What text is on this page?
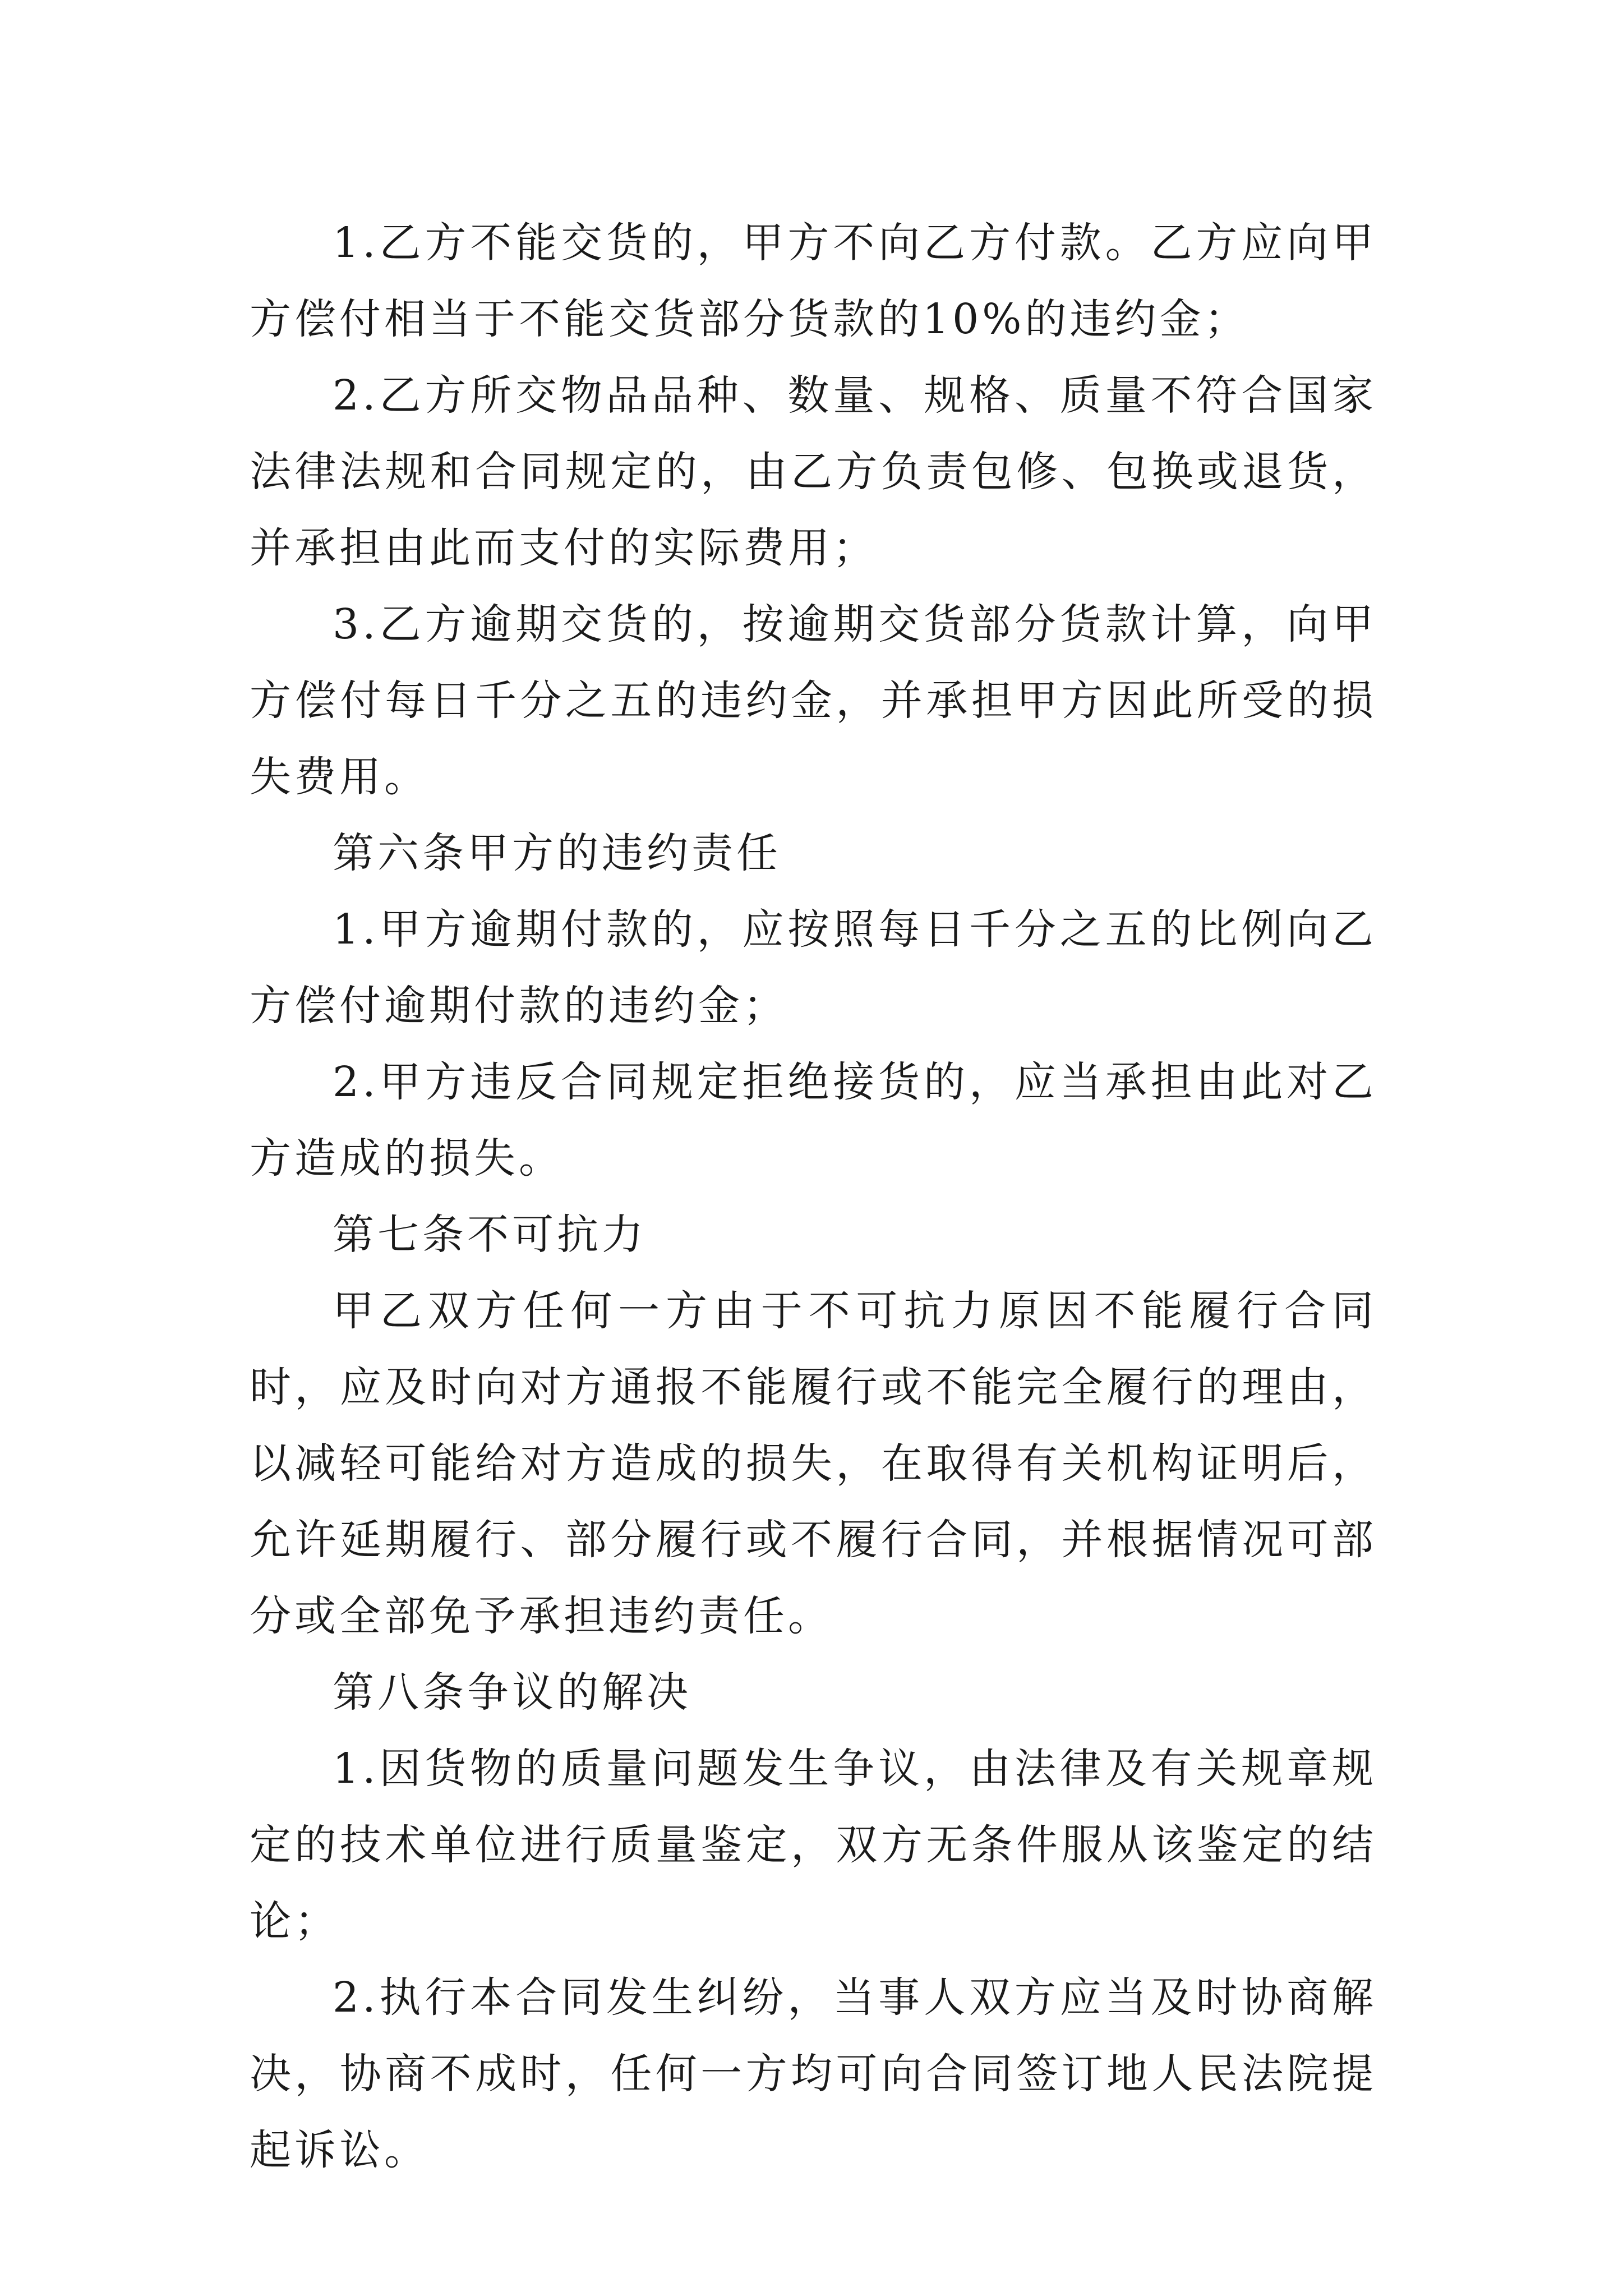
1.乙方不能交货的，甲方不向乙方付款。乙方应向甲方偿付相当于不能交货部分货款的10%的违约金；

2.乙方所交物品品种、数量、规格、质量不符合国家法律法规和合同规定的，由乙方负责包修、包换或退货，并承担由此而支付的实际费用；

3.乙方逾期交货的，按逾期交货部分货款计算，向甲方偿付每日千分之五的违约金，并承担甲方因此所受的损失费用。

第六条甲方的违约责任

1.甲方逾期付款的，应按照每日千分之五的比例向乙方偿付逾期付款的违约金；

2.甲方违反合同规定拒绝接货的，应当承担由此对乙方造成的损失。

第七条不可抗力

甲乙双方任何一方由于不可抗力原因不能履行合同时，应及时向对方通报不能履行或不能完全履行的理由，以减轻可能给对方造成的损失，在取得有关机构证明后，允许延期履行、部分履行或不履行合同，并根据情况可部分或全部免予承担违约责任。

第八条争议的解决

1.因货物的质量问题发生争议，由法律及有关规章规定的技术单位进行质量鉴定，双方无条件服从该鉴定的结论；

2.执行本合同发生纠纷，当事人双方应当及时协商解决，协商不成时，任何一方均可向合同签订地人民法院提起诉讼。
